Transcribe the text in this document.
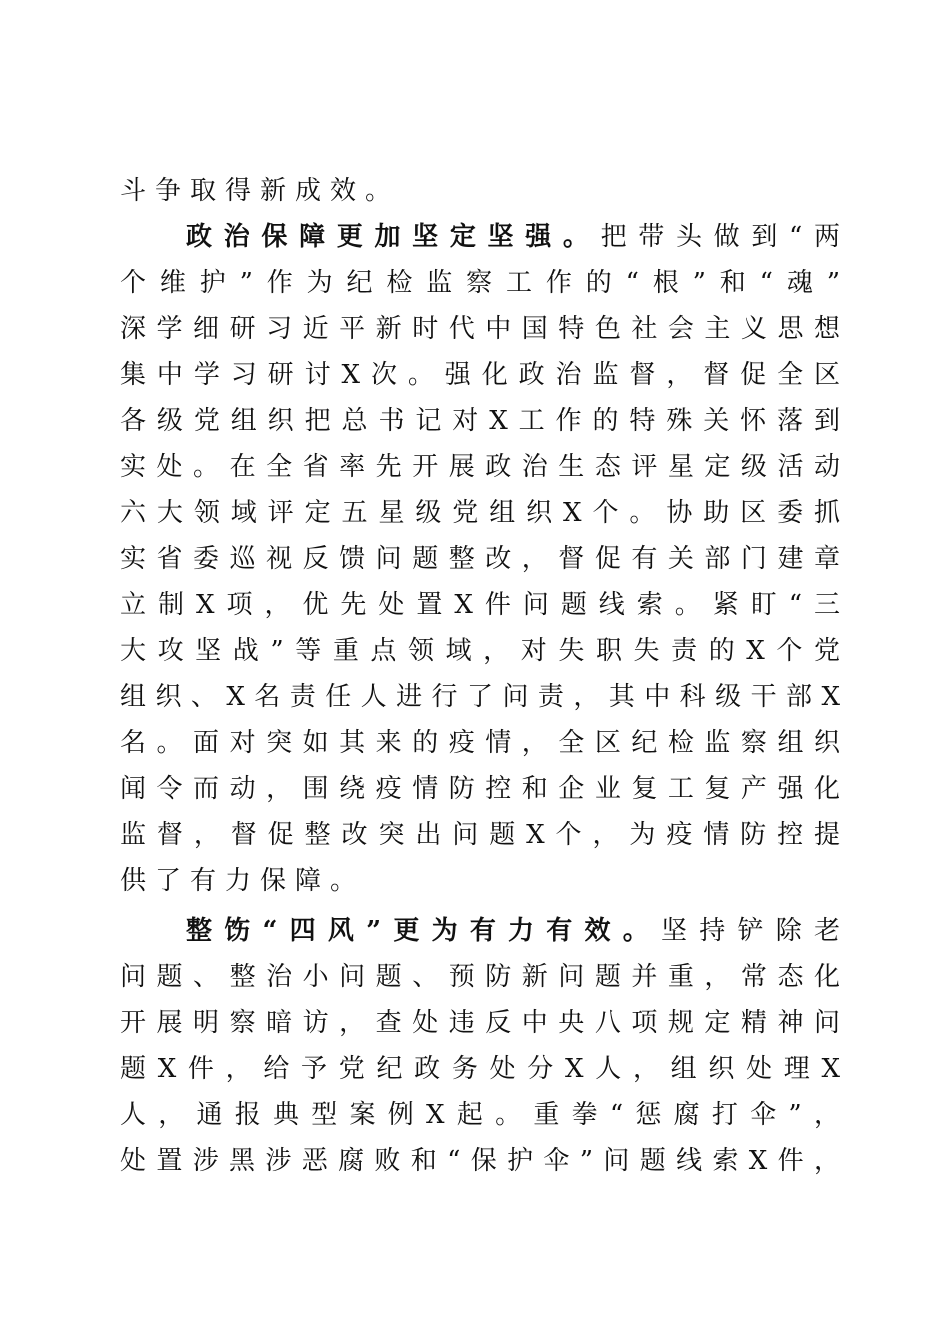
斗争取得新成效。
政治保障更加坚定坚强。把带头做到“两
个维护”作为纪检监察工作的“根”和“魂”
深学细研习近平新时代中国特色社会主义思想
集中学习研讨X次。强化政治监督，督促全区
各级党组织把总书记对X工作的特殊关怀落到
实处。在全省率先开展政治生态评星定级活动
六大领域评定五星级党组织X个。协助区委抓
实省委巡视反馈问题整改，督促有关部门建章
立制X项，优先处置X件问题线索。紧盯“三
大攻坚战”等重点领域，对失职失责的X个党
组织、X名责任人进行了问责，其中科级干部X
名。面对突如其来的疫情，全区纪检监察组织
闻令而动，围绕疫情防控和企业复工复产强化
监督，督促整改突出问题X个，为疫情防控提
供了有力保障。
整饬“四风”更为有力有效。坚持铲除老
问题、整治小问题、预防新问题并重，常态化
开展明察暗访，查处违反中央八项规定精神问
题X件，给予党纪政务处分X人，组织处理X
人，通报典型案例X起。重拳“惩腐打伞”，
处置涉黑涉恶腐败和“保护伞”问题线索X件，
